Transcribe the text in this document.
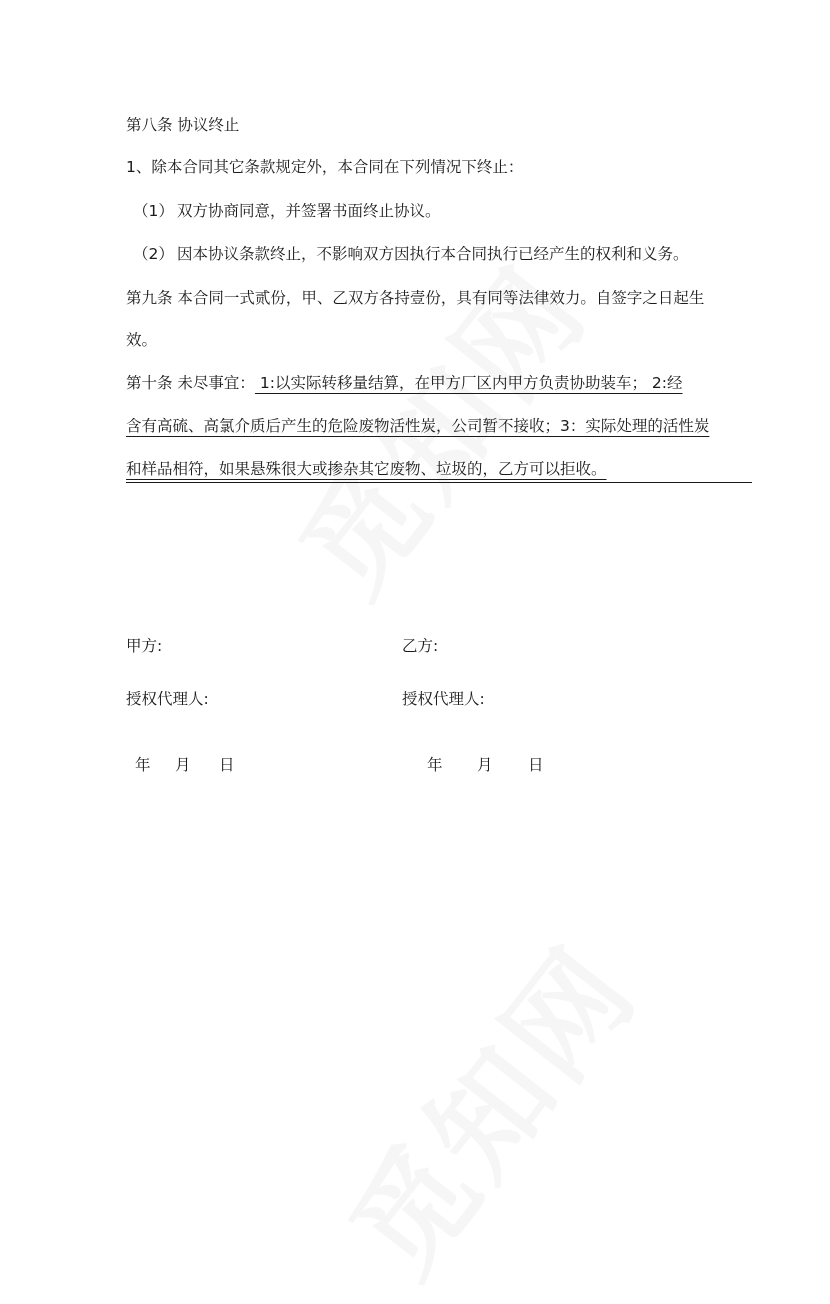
第八条 协议终止
1、除本合同其它条款规定外，本合同在下列情况下终止：
（1） 双方协商同意，并签署书面终止协议。
（2） 因本协议条款终止，不影响双方因执行本合同执行已经产生的权利和义务。
第九条 本合同一式贰份，甲、乙双方各持壹份，具有同等法律效力。自签字之日起生
效。
第十条 未尽事宜： 1:以实际转移量结算，在甲方厂区内甲方负责协助装车； 2:经
含有高硫、高氯介质后产生的危险废物活性炭，公司暂不接收；3：实际处理的活性炭
和样品相符，如果悬殊很大或掺杂其它废物、垃圾的，乙方可以拒收。
甲方:	乙方:
授权代理人:	授权代理人:
年 月 日	年 月 日
